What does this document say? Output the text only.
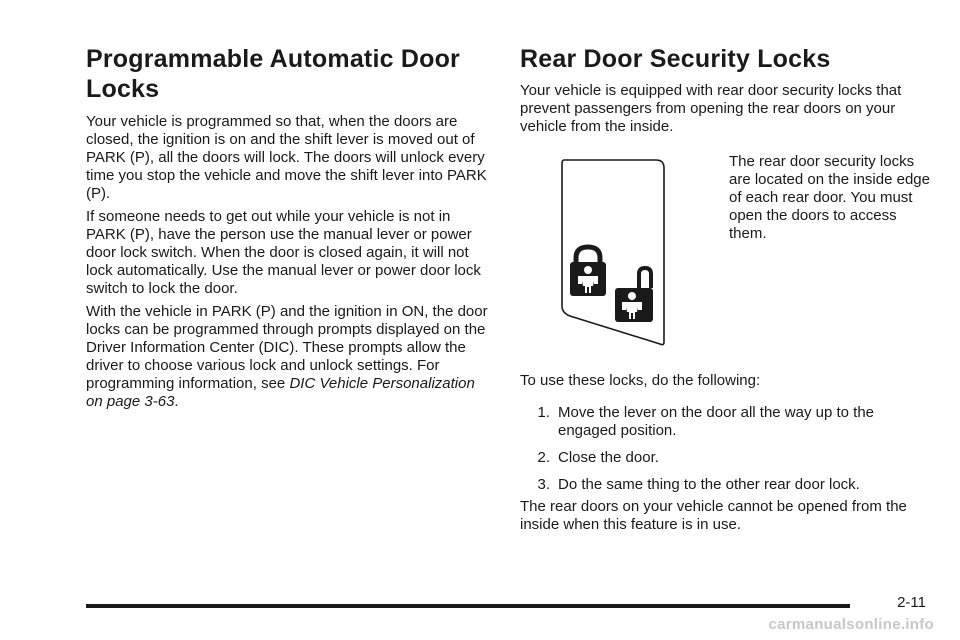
Programmable Automatic Door Locks

Your vehicle is programmed so that, when the doors are closed, the ignition is on and the shift lever is moved out of PARK (P), all the doors will lock. The doors will unlock every time you stop the vehicle and move the shift lever into PARK (P).

If someone needs to get out while your vehicle is not in PARK (P), have the person use the manual lever or power door lock switch. When the door is closed again, it will not lock automatically. Use the manual lever or power door lock switch to lock the door.

With the vehicle in PARK (P) and the ignition in ON, the door locks can be programmed through prompts displayed on the Driver Information Center (DIC). These prompts allow the driver to choose various lock and unlock settings. For programming information, see DIC Vehicle Personalization on page 3-63.

Rear Door Security Locks

Your vehicle is equipped with rear door security locks that prevent passengers from opening the rear doors on your vehicle from the inside.

To use these locks, do the following:

1. Move the lever on the door all the way up to the engaged position.
2. Close the door.
3. Do the same thing to the other rear door lock.

The rear doors on your vehicle cannot be opened from the inside when this feature is in use.

The rear door security locks are located on the inside edge of each rear door. You must open the doors to access them.

2-11
carmanualsonline.info
